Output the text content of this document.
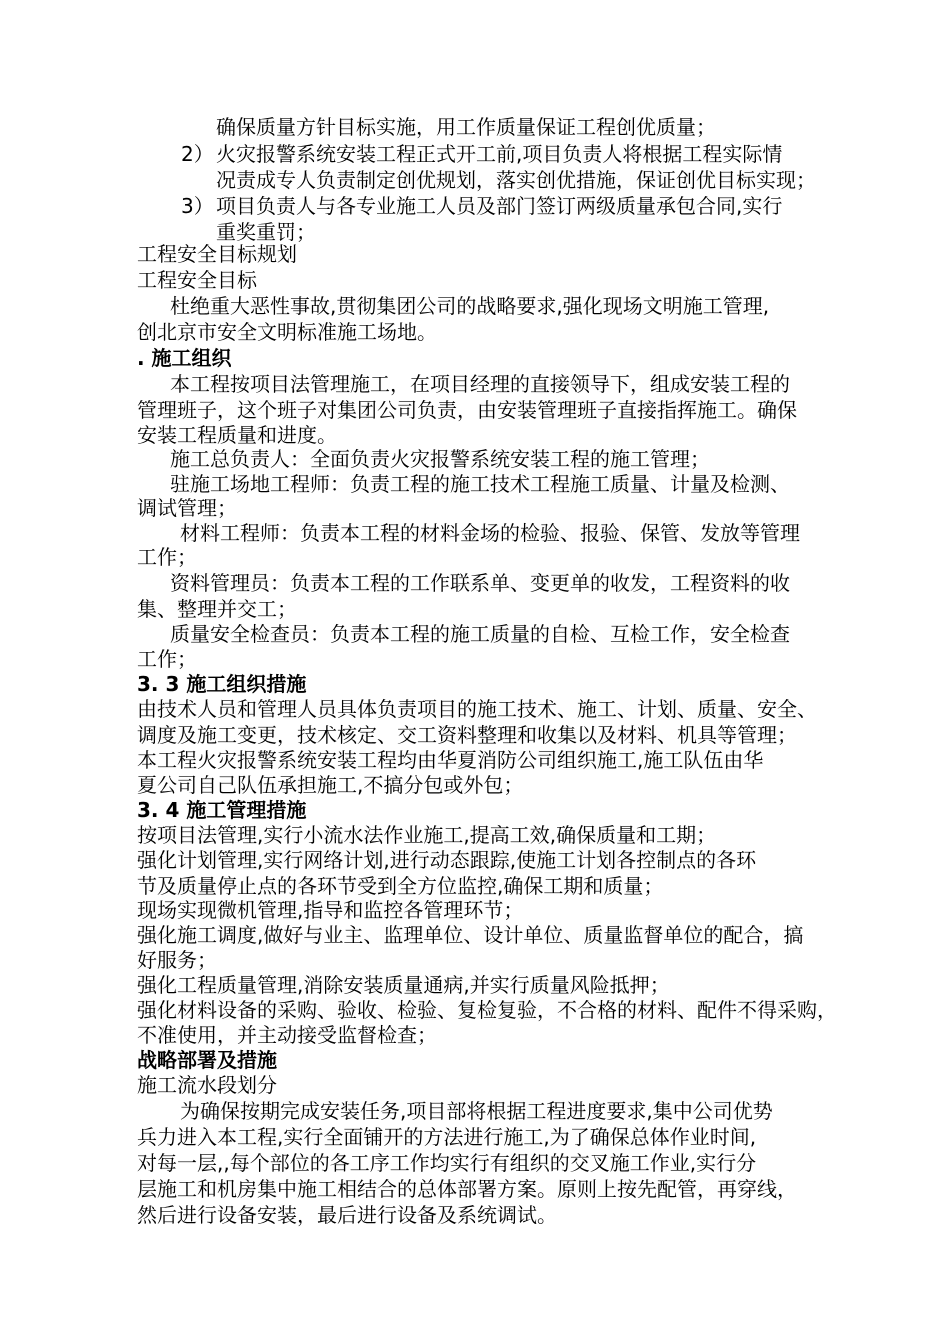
确保质量方针目标实施，用工作质量保证工程创优质量；
2） 火灾报警系统安装工程正式开工前,项目负责人将根据工程实际情
况责成专人负责制定创优规划，落实创优措施，保证创优目标实现；
3） 项目负责人与各专业施工人员及部门签订两级质量承包合同,实行
重奖重罚；
工程安全目标规划
工程安全目标
杜绝重大恶性事故,贯彻集团公司的战略要求,强化现场文明施工管理,
创北京市安全文明标准施工场地。
. 施工组织
本工程按项目法管理施工，在项目经理的直接领导下，组成安装工程的
管理班子，这个班子对集团公司负责，由安装管理班子直接指挥施工。确保
安装工程质量和进度。
施工总负责人：全面负责火灾报警系统安装工程的施工管理；
驻施工场地工程师：负责工程的施工技术工程施工质量、计量及检测、
调试管理；
材料工程师：负责本工程的材料金场的检验、报验、保管、发放等管理
工作；
资料管理员：负责本工程的工作联系单、变更单的收发，工程资料的收
集、整理并交工；
质量安全检查员：负责本工程的施工质量的自检、互检工作，安全检查
工作；
3. 3 施工组织措施
由技术人员和管理人员具体负责项目的施工技术、施工、计划、质量、安全、
调度及施工变更，技术核定、交工资料整理和收集以及材料、机具等管理；
本工程火灾报警系统安装工程均由华夏消防公司组织施工,施工队伍由华
夏公司自己队伍承担施工,不搞分包或外包；
3. 4 施工管理措施
按项目法管理,实行小流水法作业施工,提高工效,确保质量和工期；
强化计划管理,实行网络计划,进行动态跟踪,使施工计划各控制点的各环
节及质量停止点的各环节受到全方位监控,确保工期和质量；
现场实现微机管理,指导和监控各管理环节；
强化施工调度,做好与业主、监理单位、设计单位、质量监督单位的配合，搞
好服务；
强化工程质量管理,消除安装质量通病,并实行质量风险抵押；
强化材料设备的采购、验收、检验、复检复验，不合格的材料、配件不得采购，
不准使用，并主动接受监督检查；
战略部署及措施
施工流水段划分
为确保按期完成安装任务,项目部将根据工程进度要求,集中公司优势
兵力进入本工程,实行全面铺开的方法进行施工,为了确保总体作业时间,
对每一层,,每个部位的各工序工作均实行有组织的交叉施工作业,实行分
层施工和机房集中施工相结合的总体部署方案。原则上按先配管，再穿线，
然后进行设备安装，最后进行设备及系统调试。
